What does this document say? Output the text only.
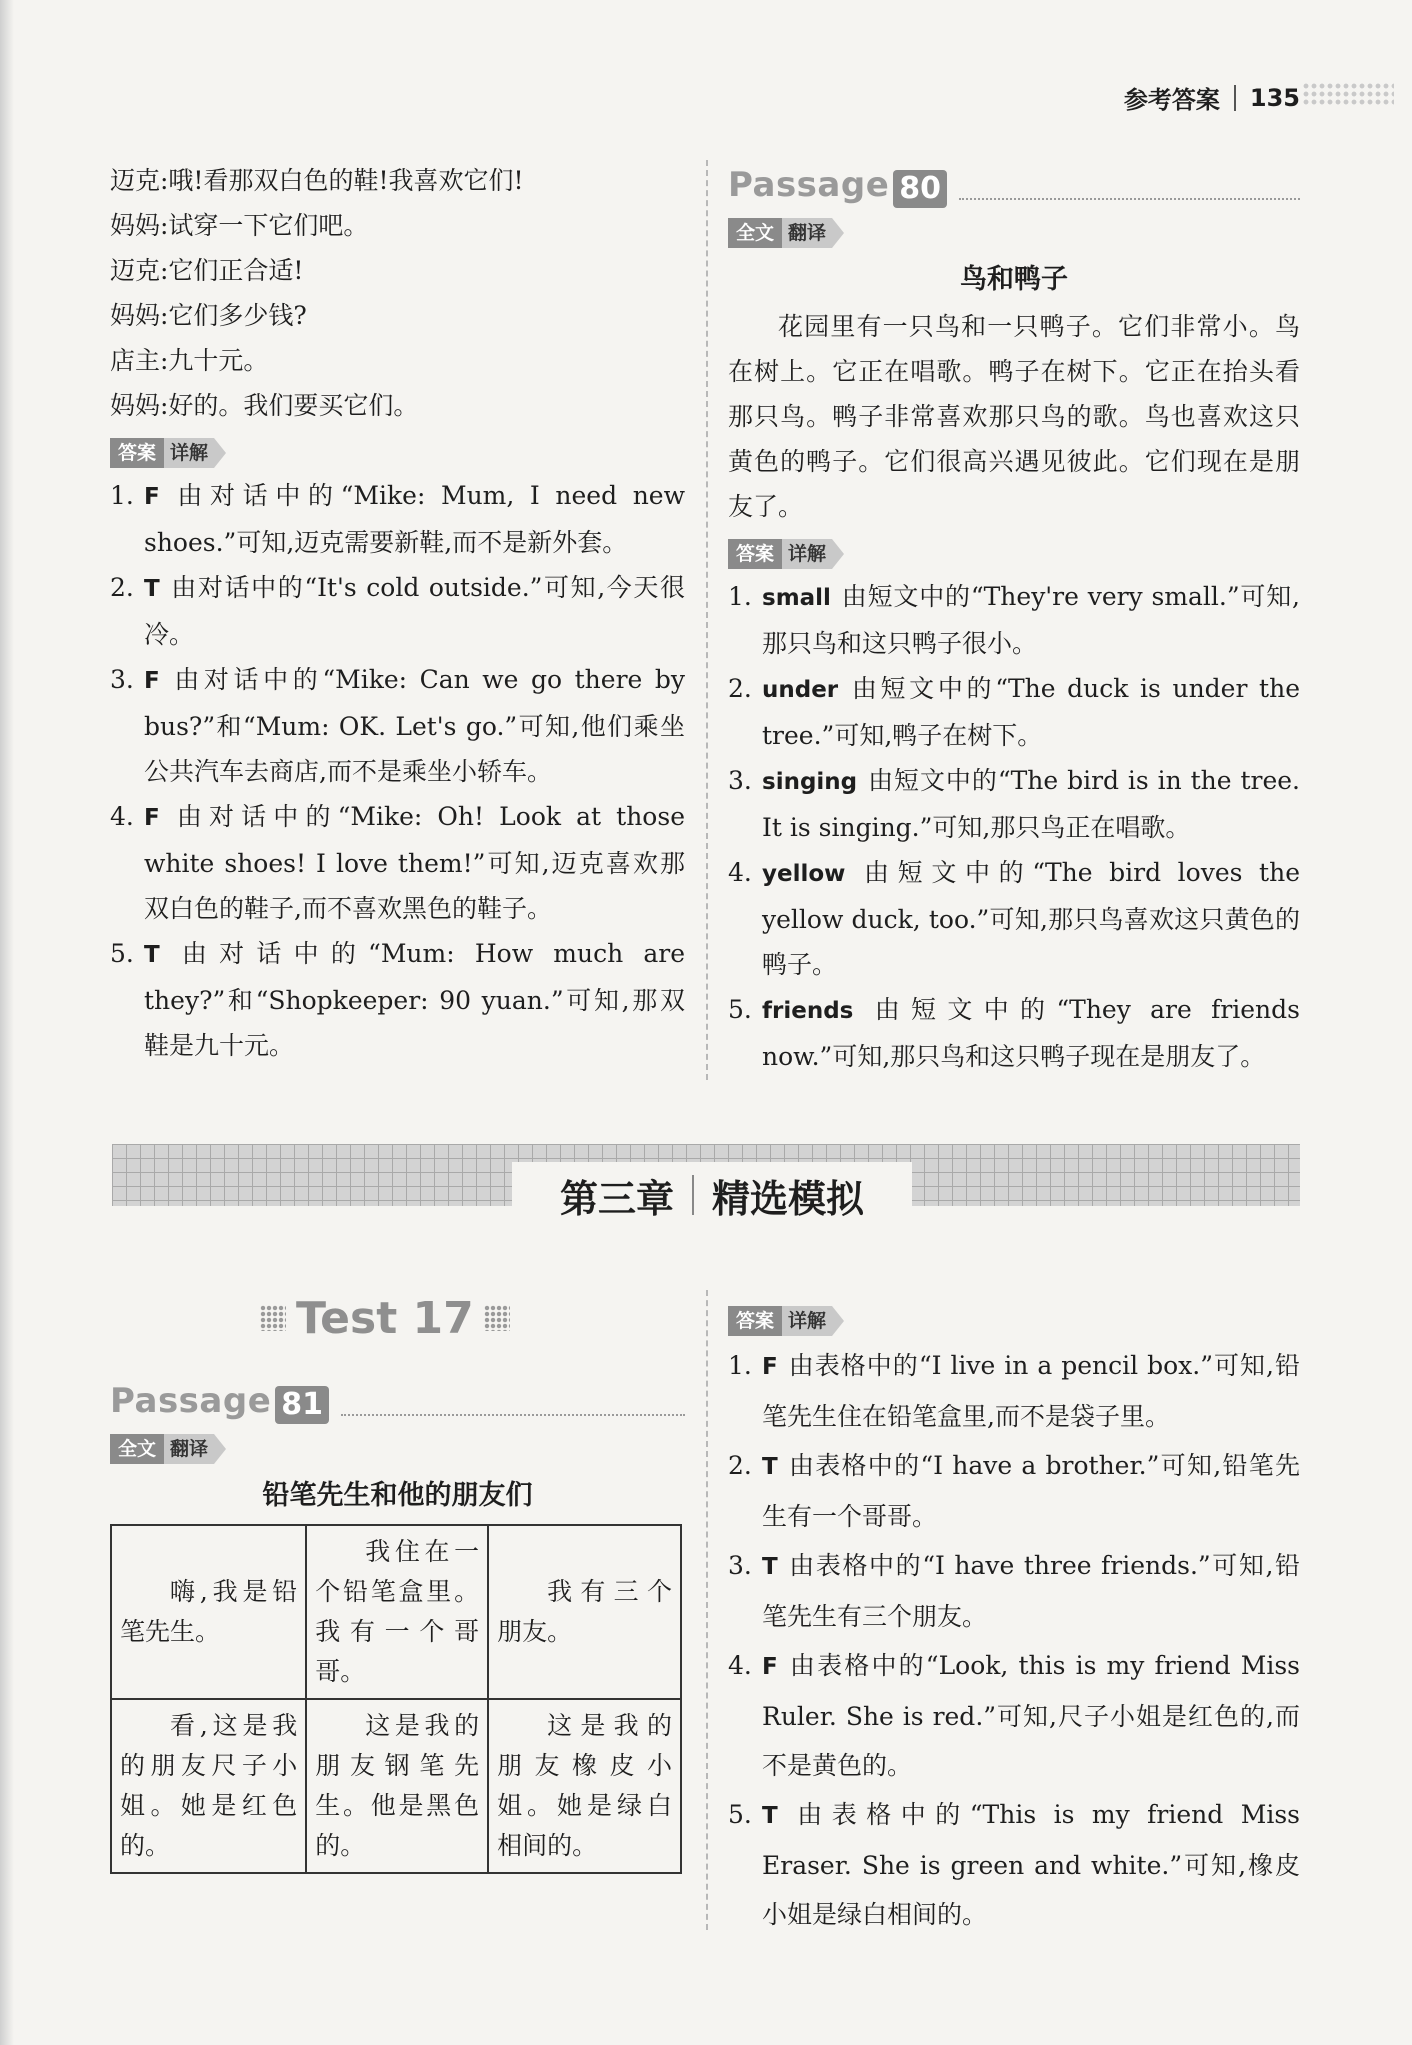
参考答案 135
迈克:哦!看那双白色的鞋!我喜欢它们!
妈妈:试穿一下它们吧。
迈克:它们正合适!
妈妈:它们多少钱?
店主:九十元。
妈妈:好的。我们要买它们。
答案 详解
1. F 由对话中的“Mike: Mum, I need new shoes.”可知,迈克需要新鞋,而不是新外套。
2. T 由对话中的“It's cold outside.”可知,今天很冷。
3. F 由对话中的“Mike: Can we go there by bus?”和“Mum: OK. Let's go.”可知,他们乘坐公共汽车去商店,而不是乘坐小轿车。
4. F 由对话中的“Mike: Oh! Look at those white shoes! I love them!”可知,迈克喜欢那双白色的鞋子,而不喜欢黑色的鞋子。
5. T 由对话中的“Mum: How much are they?”和“Shopkeeper: 90 yuan.”可知,那双鞋是九十元。
Passage 80
全文 翻译
鸟和鸭子
花园里有一只鸟和一只鸭子。它们非常小。鸟在树上。它正在唱歌。鸭子在树下。它正在抬头看那只鸟。鸭子非常喜欢那只鸟的歌。鸟也喜欢这只黄色的鸭子。它们很高兴遇见彼此。它们现在是朋友了。
答案 详解
1. small 由短文中的“They're very small.”可知,那只鸟和这只鸭子很小。
2. under 由短文中的“The duck is under the tree.”可知,鸭子在树下。
3. singing 由短文中的“The bird is in the tree. It is singing.”可知,那只鸟正在唱歌。
4. yellow 由短文中的“The bird loves the yellow duck, too.”可知,那只鸟喜欢这只黄色的鸭子。
5. friends 由短文中的“They are friends now.”可知,那只鸟和这只鸭子现在是朋友了。
第三章 精选模拟
Test 17
Passage 81
全文 翻译
铅笔先生和他的朋友们
嗨,我是铅笔先生。	我住在一个铅笔盒里。我有一个哥哥。	我有三个朋友。

看,这是我的朋友尺子小姐。她是红色的。	这是我的朋友钢笔先生。他是黑色的。	这是我的朋友橡皮小姐。她是绿白相间的。
答案 详解
1. F 由表格中的“I live in a pencil box.”可知,铅笔先生住在铅笔盒里,而不是袋子里。
2. T 由表格中的“I have a brother.”可知,铅笔先生有一个哥哥。
3. T 由表格中的“I have three friends.”可知,铅笔先生有三个朋友。
4. F 由表格中的“Look, this is my friend Miss Ruler. She is red.”可知,尺子小姐是红色的,而不是黄色的。
5. T 由表格中的“This is my friend Miss Eraser. She is green and white.”可知,橡皮小姐是绿白相间的。
